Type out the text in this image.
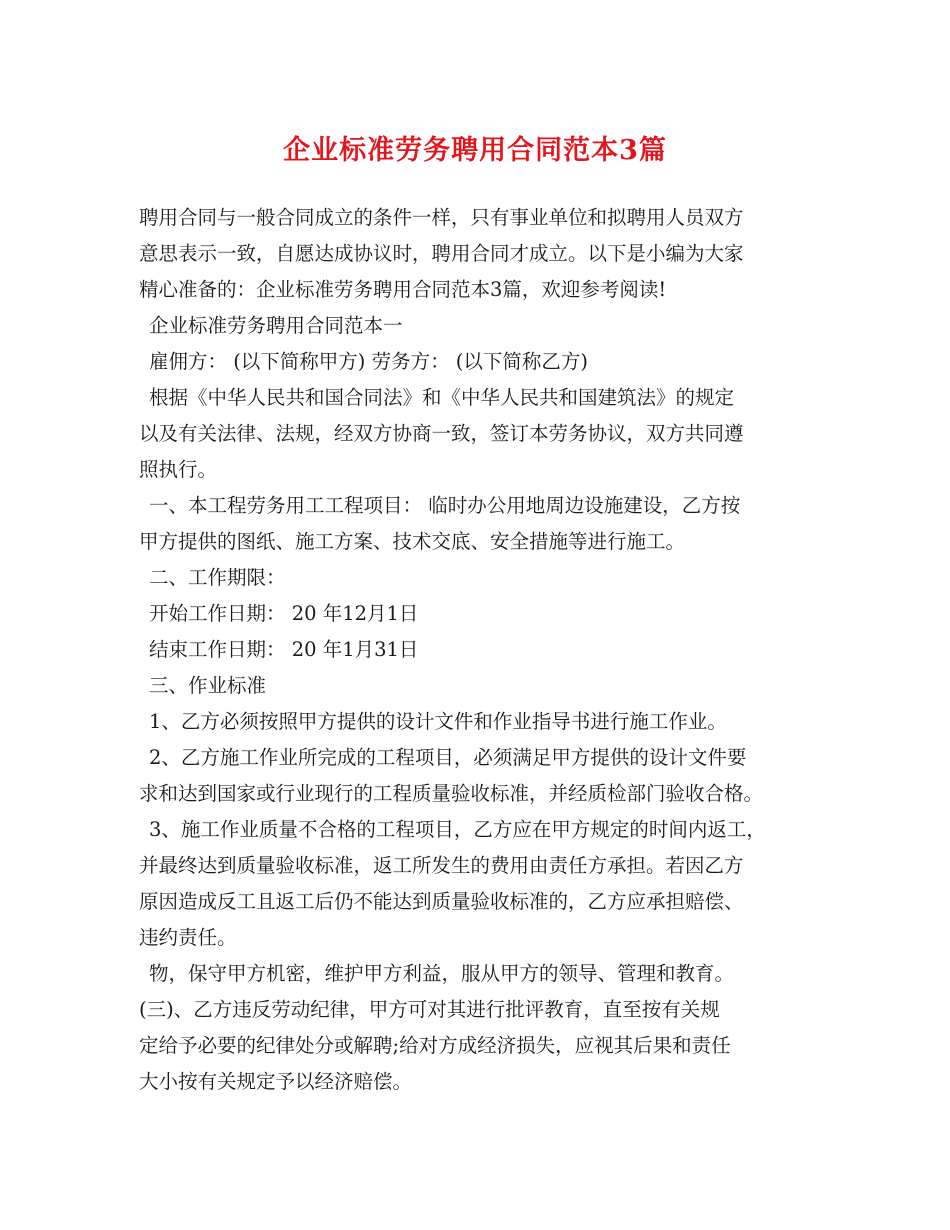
企业标准劳务聘用合同范本3篇
聘用合同与一般合同成立的条件一样，只有事业单位和拟聘用人员双方
意思表示一致，自愿达成协议时，聘用合同才成立。以下是小编为大家
精心准备的：企业标准劳务聘用合同范本3篇，欢迎参考阅读!
企业标准劳务聘用合同范本一
雇佣方： (以下简称甲方) 劳务方： (以下简称乙方)
根据《中华人民共和国合同法》和《中华人民共和国建筑法》的规定
以及有关法律、法规，经双方协商一致，签订本劳务协议，双方共同遵
照执行。
一、本工程劳务用工工程项目： 临时办公用地周边设施建设，乙方按
甲方提供的图纸、施工方案、技术交底、安全措施等进行施工。
二、工作期限：
开始工作日期： 20 年12月1日
结束工作日期： 20 年1月31日
三、作业标准
1、乙方必须按照甲方提供的设计文件和作业指导书进行施工作业。
2、乙方施工作业所完成的工程项目，必须满足甲方提供的设计文件要
求和达到国家或行业现行的工程质量验收标准，并经质检部门验收合格。
3、施工作业质量不合格的工程项目，乙方应在甲方规定的时间内返工，
并最终达到质量验收标准，返工所发生的费用由责任方承担。若因乙方
原因造成反工且返工后仍不能达到质量验收标准的，乙方应承担赔偿、
违约责任。
物，保守甲方机密，维护甲方利益，服从甲方的领导、管理和教育。
(三)、乙方违反劳动纪律，甲方可对其进行批评教育，直至按有关规
定给予必要的纪律处分或解聘;给对方成经济损失，应视其后果和责任
大小按有关规定予以经济赔偿。
